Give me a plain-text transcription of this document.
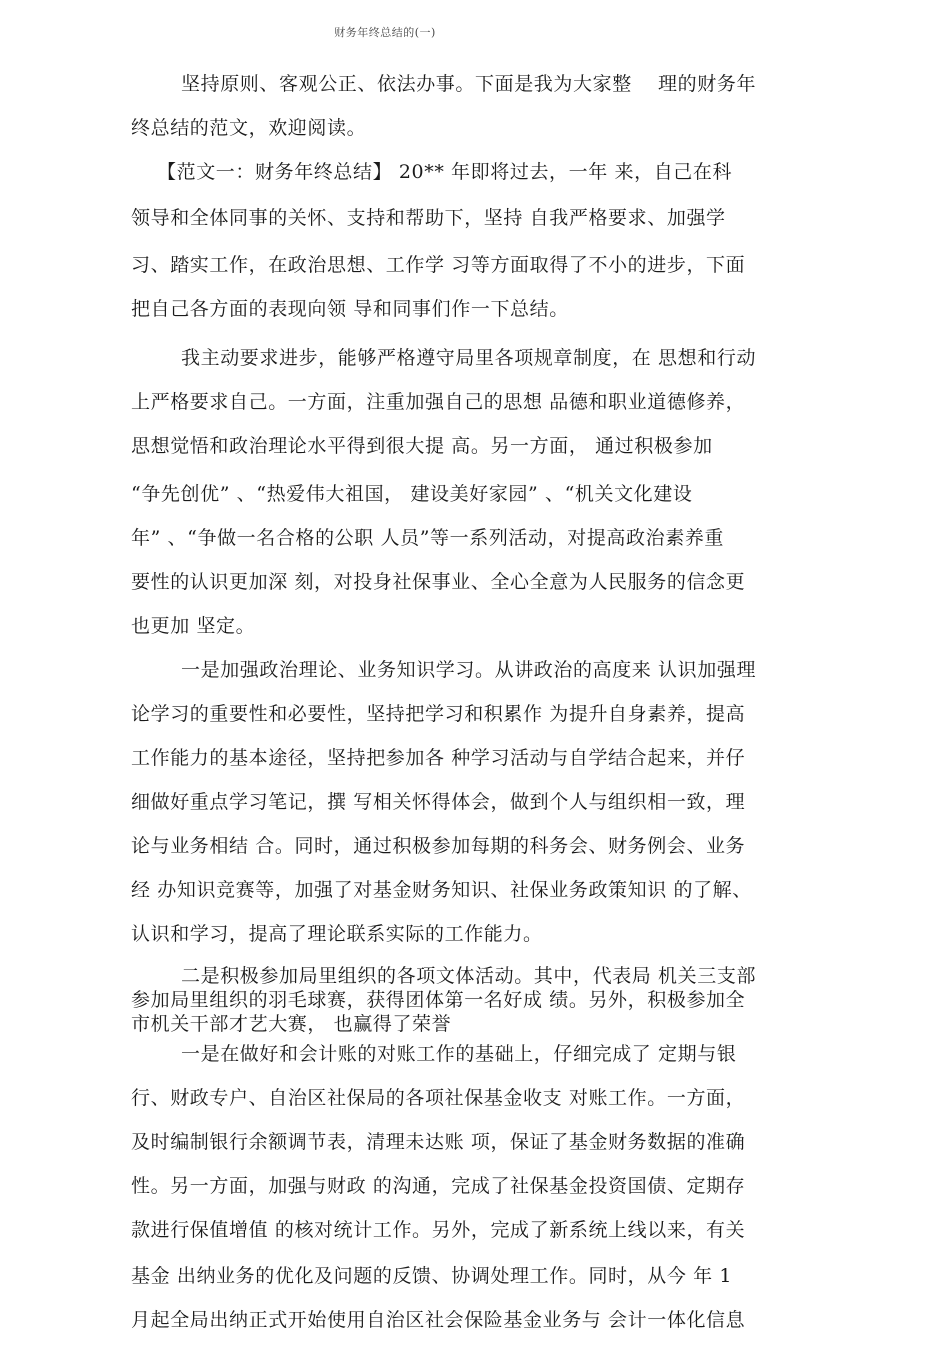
财务年终总结的(一)
坚持原则、客观公正、依法办事。下面是我为大家整　 理的财务年
终总结的范文，欢迎阅读。
【范文一：财务年终总结】 20** 年即将过去，一年 来，自己在科
领导和全体同事的关怀、支持和帮助下，坚持 自我严格要求、加强学
习、踏实工作，在政治思想、工作学 习等方面取得了不小的进步，下面
把自己各方面的表现向领 导和同事们作一下总结。
我主动要求进步，能够严格遵守局里各项规章制度，在 思想和行动
上严格要求自己。一方面，注重加强自己的思想 品德和职业道德修养，
思想觉悟和政治理论水平得到很大提 高。另一方面， 通过积极参加
“争先创优” 、“热爱伟大祖国， 建设美好家园” 、“机关文化建设
年” 、“争做一名合格的公职 人员”等一系列活动，对提高政治素养重
要性的认识更加深 刻，对投身社保事业、全心全意为人民服务的信念更
也更加 坚定。
一是加强政治理论、业务知识学习。从讲政治的高度来 认识加强理
论学习的重要性和必要性，坚持把学习和积累作 为提升自身素养，提高
工作能力的基本途径，坚持把参加各 种学习活动与自学结合起来，并仔
细做好重点学习笔记，撰 写相关怀得体会，做到个人与组织相一致，理
论与业务相结 合。同时，通过积极参加每期的科务会、财务例会、业务
经 办知识竞赛等，加强了对基金财务知识、社保业务政策知识 的了解、
认识和学习，提高了理论联系实际的工作能力。
二是积极参加局里组织的各项文体活动。其中，代表局 机关三支部
参加局里组织的羽毛球赛，获得团体第一名好成 绩。另外，积极参加全
市机关干部才艺大赛， 也赢得了荣誉
一是在做好和会计账的对账工作的基础上，仔细完成了 定期与银
行、财政专户、自治区社保局的各项社保基金收支 对账工作。一方面，
及时编制银行余额调节表，清理未达账 项，保证了基金财务数据的准确
性。另一方面，加强与财政 的沟通，完成了社保基金投资国债、定期存
款进行保值增值 的核对统计工作。另外，完成了新系统上线以来，有关
基金 出纳业务的优化及问题的反馈、协调处理工作。同时，从今 年 1
月起全局出纳正式开始使用自治区社会保险基金业务与 会计一体化信息
